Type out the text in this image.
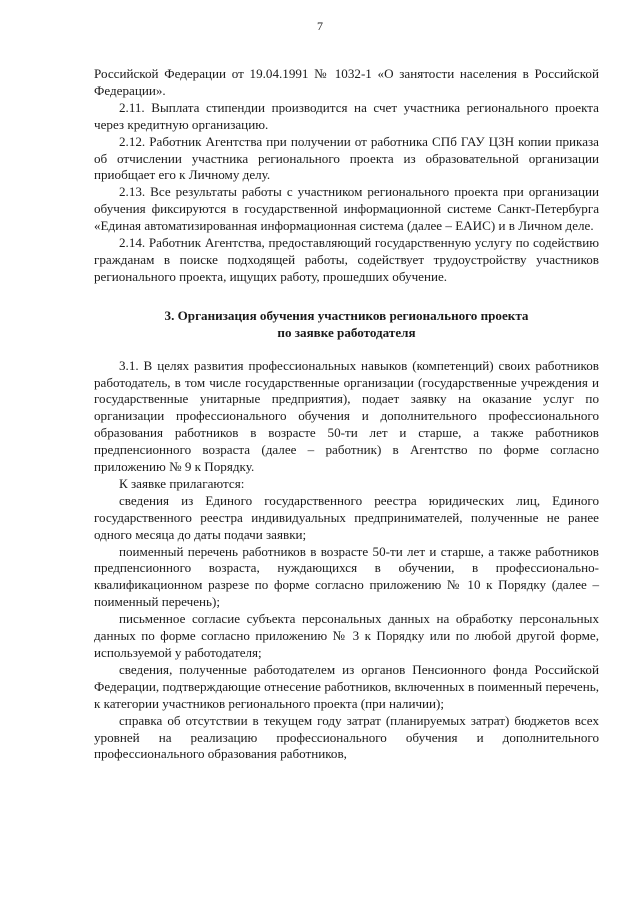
7

Российской Федерации от 19.04.1991 № 1032-1 «О занятости населения в Российской Федерации».

2.11. Выплата стипендии производится на счет участника регионального проекта через кредитную организацию.

2.12. Работник Агентства при получении от работника СПб ГАУ ЦЗН копии приказа об отчислении участника регионального проекта из образовательной организации приобщает его к Личному делу.

2.13. Все результаты работы с участником регионального проекта при организации обучения фиксируются в государственной информационной системе Санкт-Петербурга «Единая автоматизированная информационная система (далее – ЕАИС) и в Личном деле.

2.14. Работник Агентства, предоставляющий государственную услугу по содействию гражданам в поиске подходящей работы, содействует трудоустройству участников регионального проекта, ищущих работу, прошедших обучение.

3. Организация обучения участников регионального проекта
по заявке работодателя

3.1. В целях развития профессиональных навыков (компетенций) своих работников работодатель, в том числе государственные организации (государственные учреждения и государственные унитарные предприятия), подает заявку на оказание услуг по организации профессионального обучения и дополнительного профессионального образования работников в возрасте 50-ти лет и старше, а также работников предпенсионного возраста (далее – работник) в Агентство по форме согласно приложению № 9 к Порядку.

К заявке прилагаются:

сведения из Единого государственного реестра юридических лиц, Единого государственного реестра индивидуальных предпринимателей, полученные не ранее одного месяца до даты подачи заявки;

поименный перечень работников в возрасте 50-ти лет и старше, а также работников предпенсионного возраста, нуждающихся в обучении, в профессионально-квалификационном разрезе по форме согласно приложению № 10 к Порядку (далее – поименный перечень);

письменное согласие субъекта персональных данных на обработку персональных данных по форме согласно приложению № 3 к Порядку или по любой другой форме, используемой у работодателя;

сведения, полученные работодателем из органов Пенсионного фонда Российской Федерации, подтверждающие отнесение работников, включенных в поименный перечень, к категории участников регионального проекта (при наличии);

справка об отсутствии в текущем году затрат (планируемых затрат) бюджетов всех уровней на реализацию профессионального обучения и дополнительного профессионального образования работников,
